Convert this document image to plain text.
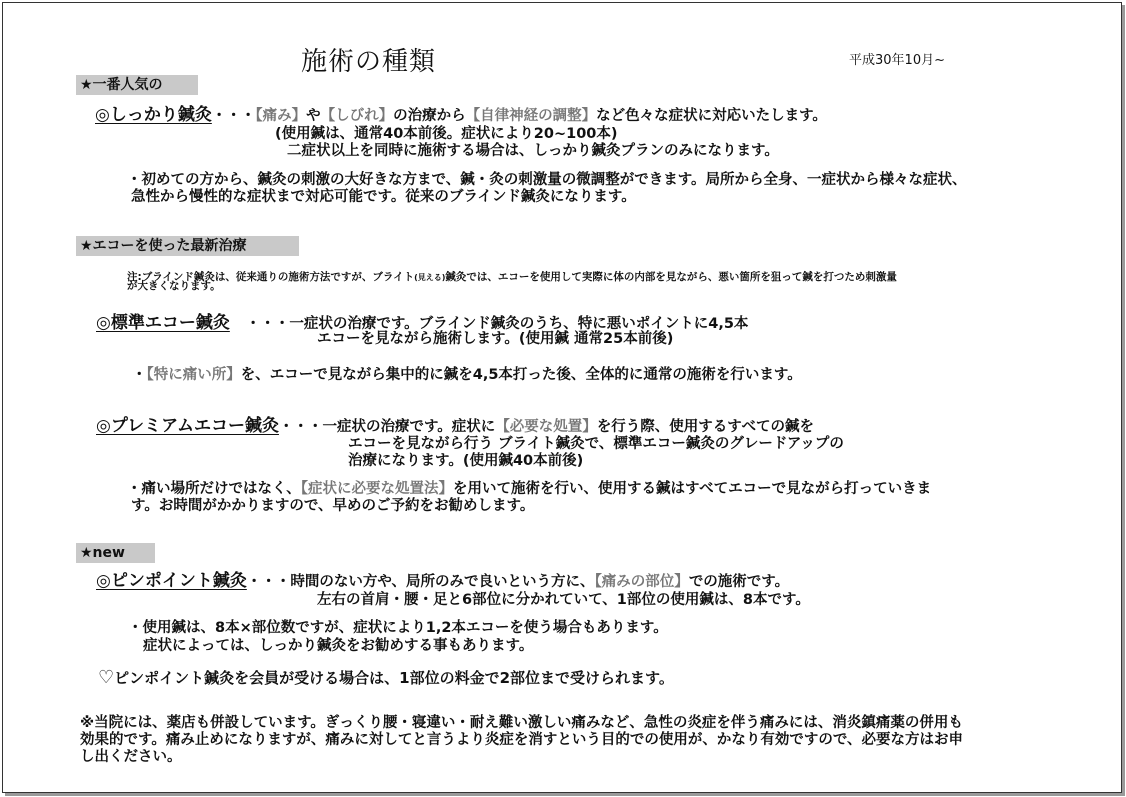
施術の種類	平成30年10月~
★一番人気の
◎しっかり鍼灸・・・【痛み】や【しびれ】の治療から【自律神経の調整】など色々な症状に対応いたします。
(使用鍼は、通常40本前後。症状により20~100本)
二症状以上を同時に施術する場合は、しっかり鍼灸プランのみになります。
・初めての方から、鍼灸の刺激の大好きな方まで、鍼・灸の刺激量の微調整ができます。局所から全身、一症状から様々な症状、
急性から慢性的な症状まで対応可能です。従来のブラインド鍼灸になります。
★エコーを使った最新治療
注:ブラインド鍼灸は、従来通りの施術方法ですが、ブライト(見える)鍼灸では、エコーを使用して実際に体の内部を見ながら、悪い箇所を狙って鍼を打つため刺激量
が大きくなります。
◎標準エコー鍼灸 ・・・一症状の治療です。ブラインド鍼灸のうち、特に悪いポイントに4,5本
エコーを見ながら施術します。(使用鍼 通常25本前後)
・【特に痛い所】を、エコーで見ながら集中的に鍼を4,5本打った後、全体的に通常の施術を行います。
◎プレミアムエコー鍼灸・・・一症状の治療です。症状に【必要な処置】を行う際、使用するすべての鍼を
エコーを見ながら行う ブライト鍼灸で、標準エコー鍼灸のグレードアップの
治療になります。(使用鍼40本前後)
・痛い場所だけではなく、【症状に必要な処置法】を用いて施術を行い、使用する鍼はすべてエコーで見ながら打っていきま
す。お時間がかかりますので、早めのご予約をお勧めします。
★new
◎ピンポイント鍼灸・・・時間のない方や、局所のみで良いという方に、【痛みの部位】での施術です。
左右の首肩・腰・足と6部位に分かれていて、1部位の使用鍼は、8本です。
・使用鍼は、8本×部位数ですが、症状により1,2本エコーを使う場合もあります。
症状によっては、しっかり鍼灸をお勧めする事もあります。
♡ピンポイント鍼灸を会員が受ける場合は、1部位の料金で2部位まで受けられます。
※当院には、薬店も併設しています。ぎっくり腰・寝違い・耐え難い激しい痛みなど、急性の炎症を伴う痛みには、消炎鎮痛薬の併用も
効果的です。痛み止めになりますが、痛みに対してと言うより炎症を消すという目的での使用が、かなり有効ですので、必要な方はお申
し出ください。
